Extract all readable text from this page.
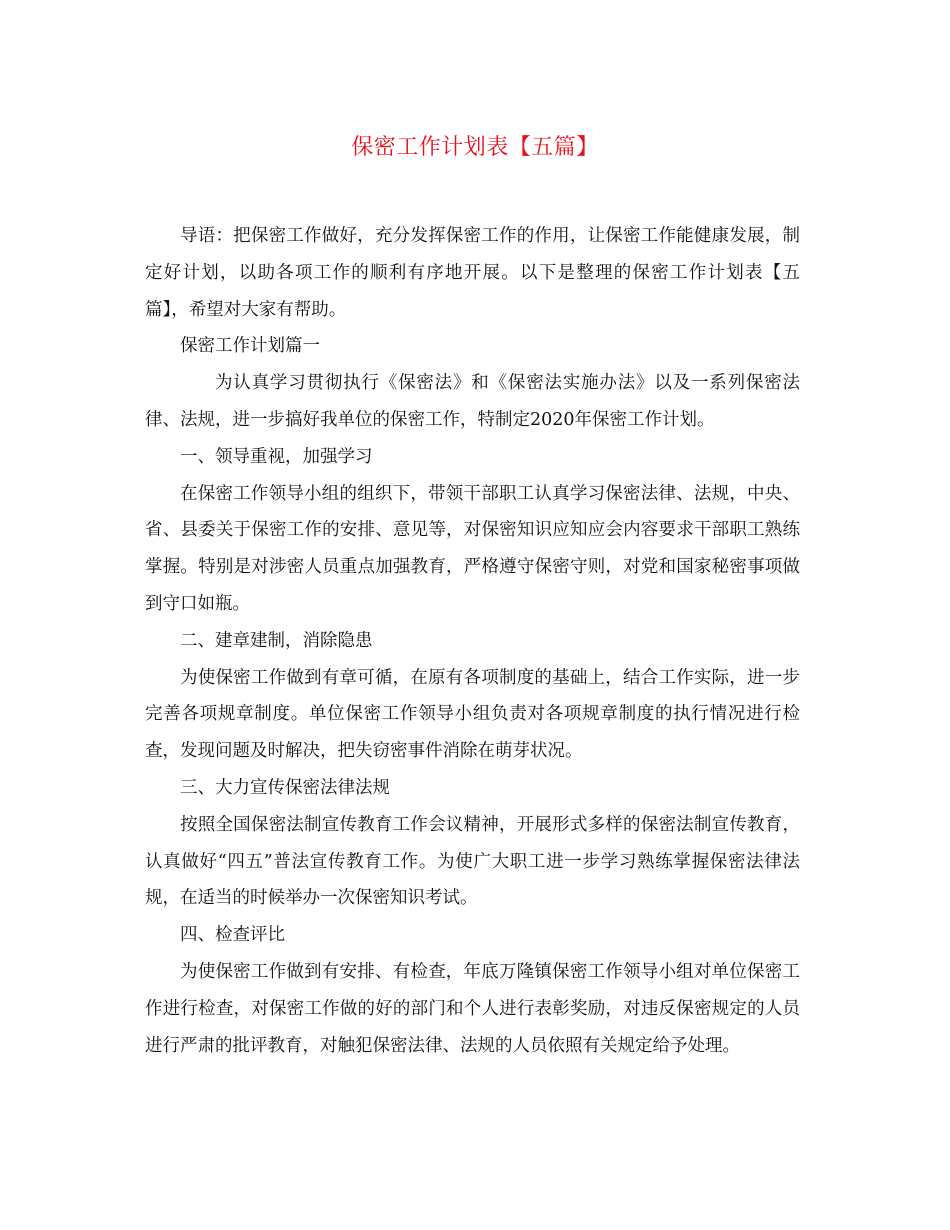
保密工作计划表【五篇】

导语：把保密工作做好，充分发挥保密工作的作用，让保密工作能健康发展，制定好计划，以助各项工作的顺利有序地开展。以下是整理的保密工作计划表【五篇】，希望对大家有帮助。

保密工作计划篇一

为认真学习贯彻执行《保密法》和《保密法实施办法》以及一系列保密法律、法规，进一步搞好我单位的保密工作，特制定2020年保密工作计划。

一、领导重视，加强学习

在保密工作领导小组的组织下，带领干部职工认真学习保密法律、法规，中央、省、县委关于保密工作的安排、意见等，对保密知识应知应会内容要求干部职工熟练掌握。特别是对涉密人员重点加强教育，严格遵守保密守则，对党和国家秘密事项做到守口如瓶。

二、建章建制，消除隐患

为使保密工作做到有章可循，在原有各项制度的基础上，结合工作实际，进一步完善各项规章制度。单位保密工作领导小组负责对各项规章制度的执行情况进行检查，发现问题及时解决，把失窃密事件消除在萌芽状况。

三、大力宣传保密法律法规

按照全国保密法制宣传教育工作会议精神，开展形式多样的保密法制宣传教育，认真做好“四五”普法宣传教育工作。为使广大职工进一步学习熟练掌握保密法律法规，在适当的时候举办一次保密知识考试。

四、检查评比

为使保密工作做到有安排、有检查，年底万隆镇保密工作领导小组对单位保密工作进行检查，对保密工作做的好的部门和个人进行表彰奖励，对违反保密规定的人员进行严肃的批评教育，对触犯保密法律、法规的人员依照有关规定给予处理。
